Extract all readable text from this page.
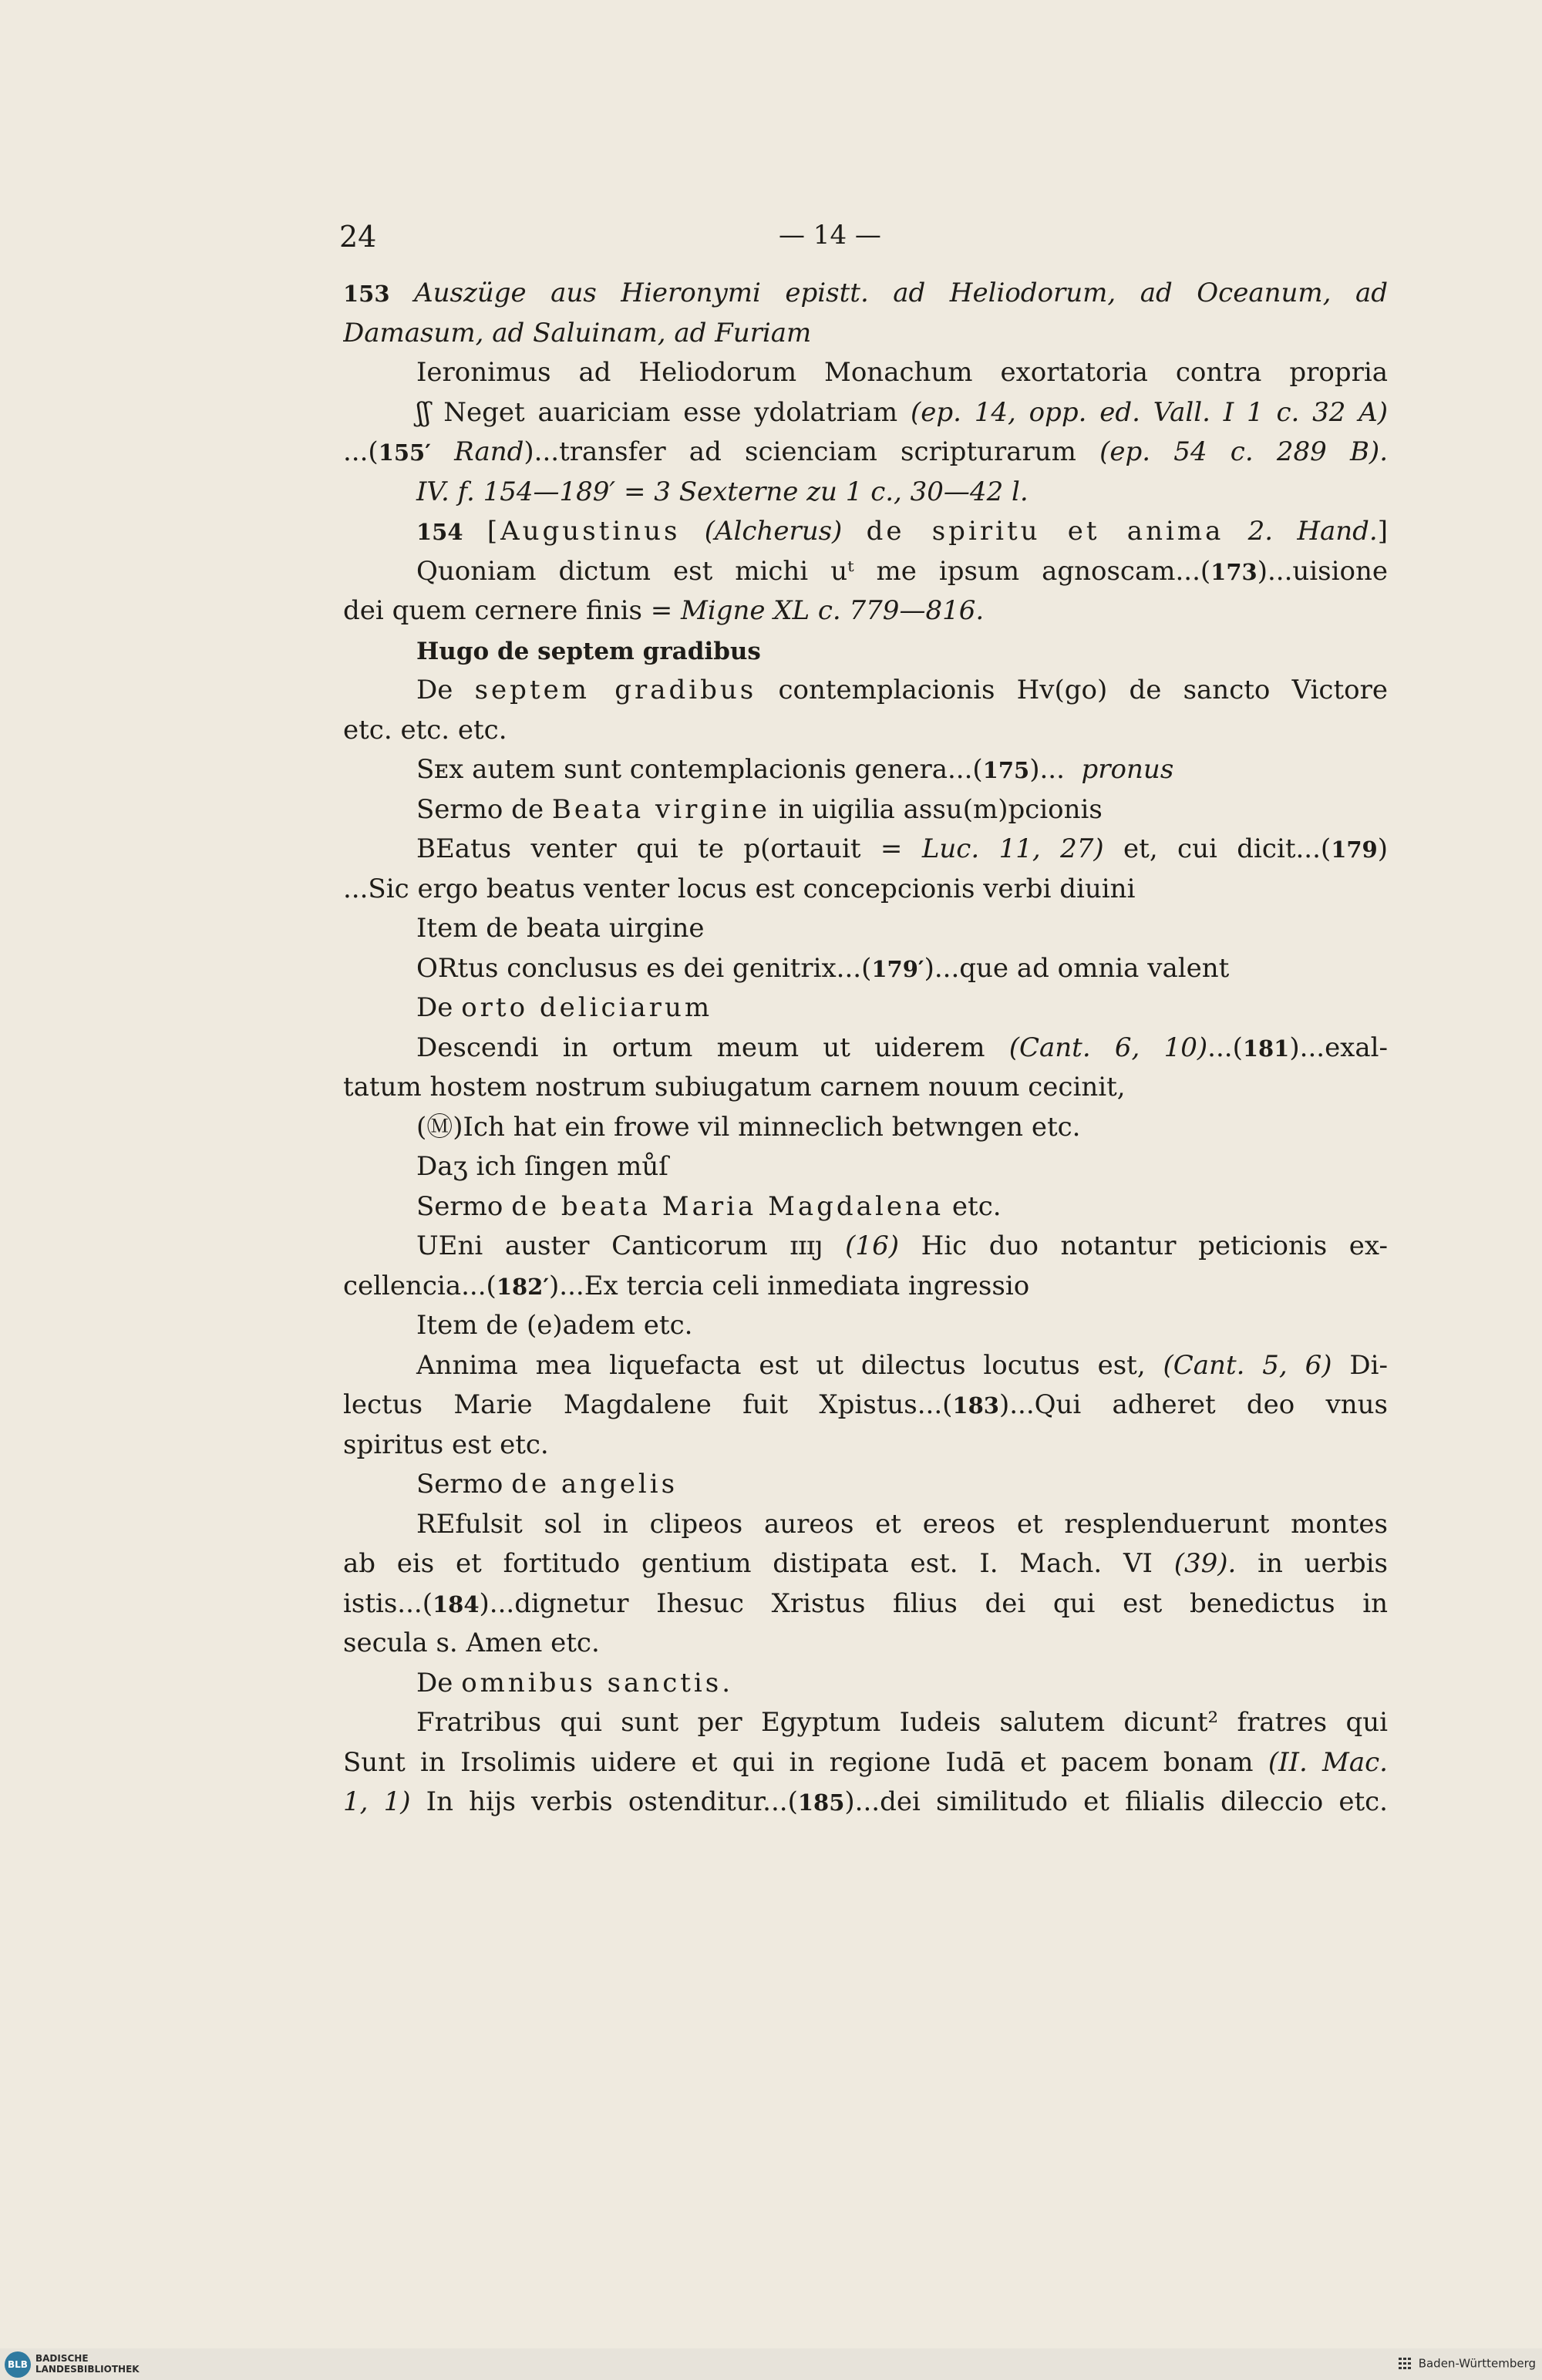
24	— 14 —
153 Auszüge aus Hieronymi epistt. ad Heliodorum, ad Oceanum, ad
Damasum, ad Saluinam, ad Furiam
Ieronimus ad Heliodorum Monachum exortatoria contra propria
ʃʃ Neget auariciam esse ydolatriam (ep. 14, opp. ed. Vall. I 1 c. 32 A)
...(155′ Rand)...transfer ad scienciam scripturarum (ep. 54 c. 289 B).
IV. f. 154—189′ = 3 Sexterne zu 1 c., 30—42 l.
154 [Augustinus (Alcherus) de spiritu et anima 2. Hand.]
Quoniam dictum est michi uᵗ me ipsum agnoscam...(173)...uisione
dei quem cernere finis = Migne XL c. 779—816.
Hugo de septem gradibus
De septem gradibus contemplacionis Hv(go) de sancto Victore
etc. etc. etc.
Sᴇx autem sunt contemplacionis genera...(175)...  pronus
Sermo de Beata virgine in uigilia assu(m)pcionis
BEatus venter qui te p(ortauit = Luc. 11, 27) et, cui dicit...(179)
...Sic ergo beatus venter locus est concepcionis verbi diuini
Item de beata uirgine
ORtus conclusus es dei genitrix...(179′)...que ad omnia valent
De orto deliciarum
Descendi in ortum meum ut uiderem (Cant. 6, 10)...(181)...exal-
tatum hostem nostrum subiugatum carnem nouum cecinit,
(Ⓜ)Ich hat ein frowe vil minneclich betwngen etc.
Daʒ ich ſingen můſ
Sermo de beata Maria Magdalena etc.
UEni auster Canticorum ɪɪɪȷ (16) Hic duo notantur peticionis ex-
cellencia...(182′)...Ex tercia celi inmediata ingressio
Item de (e)adem etc.
Annima mea liquefacta est ut dilectus locutus est, (Cant. 5, 6) Di-
lectus Marie Magdalene fuit Xpistus...(183)...Qui adheret deo vnus
spiritus est etc.
Sermo de angelis
REfulsit sol in clipeos aureos et ereos et resplenduerunt montes
ab eis et fortitudo gentium distipata est. I. Mach. VI (39). in uerbis
istis...(184)...dignetur Ihesuc Xristus filius dei qui est benedictus in
secula s. Amen etc.
De omnibus sanctis.
Fratribus qui sunt per Egyptum Iudeis salutem dicunt² fratres qui
Sunt in Irsolimis uidere et qui in regione Iudā et pacem bonam (II. Mac.
1, 1) In hijs verbis ostenditur...(185)...dei similitudo et filialis dileccio etc.
BLB
BADISCHE
LANDESBIBLIOTHEK	Baden-Württemberg
